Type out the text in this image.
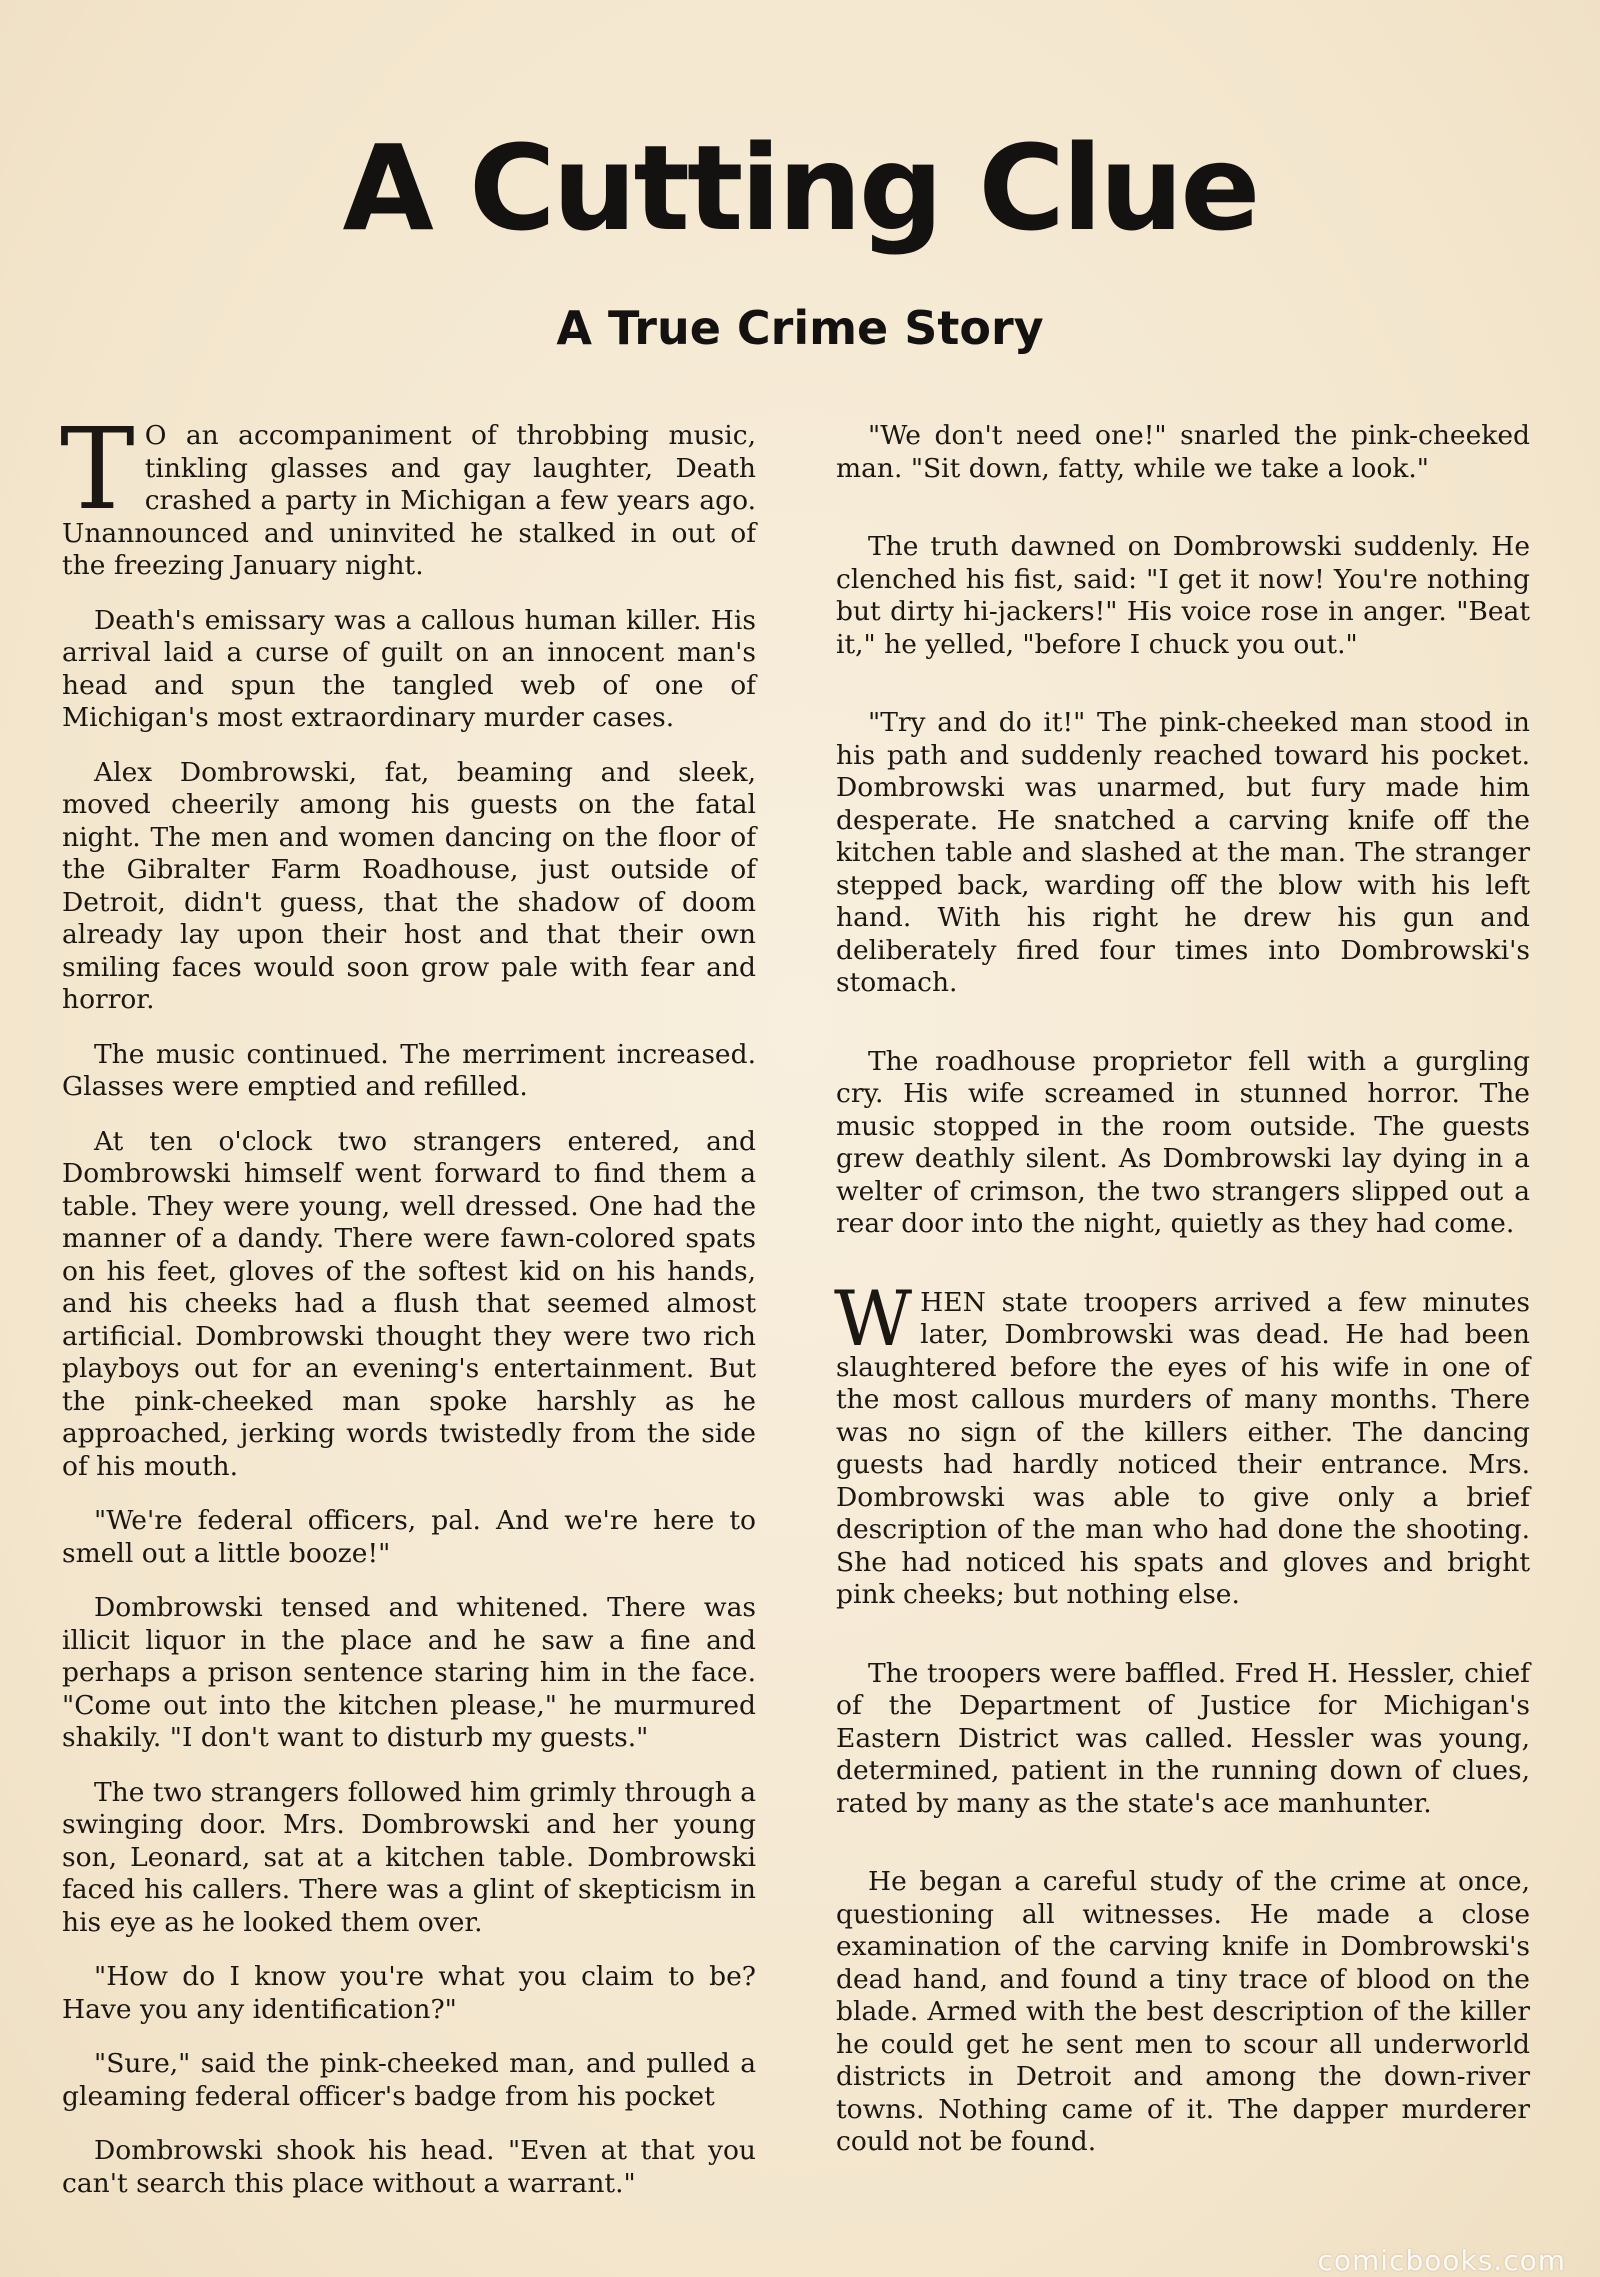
A Cutting Clue
A True Crime Story

T O an accompaniment of throbbing music, tinkling glasses and gay laughter, Death crashed a party in Michigan a few years ago. Unannounced and uninvited he stalked in out of the freezing January night.

Death's emissary was a callous human killer. His arrival laid a curse of guilt on an innocent man's head and spun the tangled web of one of Michigan's most extraordinary murder cases.

Alex Dombrowski, fat, beaming and sleek, moved cheerily among his guests on the fatal night. The men and women dancing on the floor of the Gibralter Farm Roadhouse, just outside of Detroit, didn't guess, that the shadow of doom already lay upon their host and that their own smiling faces would soon grow pale with fear and horror.

The music continued. The merriment increased. Glasses were emptied and refilled.

At ten o'clock two strangers entered, and Dombrowski himself went forward to find them a table. They were young, well dressed. One had the manner of a dandy. There were fawn-colored spats on his feet, gloves of the softest kid on his hands, and his cheeks had a flush that seemed almost artificial. Dombrowski thought they were two rich playboys out for an evening's entertainment. But the pink-cheeked man spoke harshly as he approached, jerking words twistedly from the side of his mouth.

"We're federal officers, pal. And we're here to smell out a little booze!"

Dombrowski tensed and whitened. There was illicit liquor in the place and he saw a fine and perhaps a prison sentence staring him in the face. "Come out into the kitchen please," he murmured shakily. "I don't want to disturb my guests."

The two strangers followed him grimly through a swinging door. Mrs. Dombrowski and her young son, Leonard, sat at a kitchen table. Dombrowski faced his callers. There was a glint of skepticism in his eye as he looked them over.

"How do I know you're what you claim to be? Have you any identification?"

"Sure," said the pink-cheeked man, and pulled a gleaming federal officer's badge from his pocket

Dombrowski shook his head. "Even at that you can't search this place without a warrant."

"We don't need one!" snarled the pink-cheeked man. "Sit down, fatty, while we take a look."

The truth dawned on Dombrowski suddenly. He clenched his fist, said: "I get it now! You're nothing but dirty hi-jackers!" His voice rose in anger. "Beat it," he yelled, "before I chuck you out."

"Try and do it!" The pink-cheeked man stood in his path and suddenly reached toward his pocket. Dombrowski was unarmed, but fury made him desperate. He snatched a carving knife off the kitchen table and slashed at the man. The stranger stepped back, warding off the blow with his left hand. With his right he drew his gun and deliberately fired four times into Dombrowski's stomach.

The roadhouse proprietor fell with a gurgling cry. His wife screamed in stunned horror. The music stopped in the room outside. The guests grew deathly silent. As Dombrowski lay dying in a welter of crimson, the two strangers slipped out a rear door into the night, quietly as they had come.

WHEN state troopers arrived a few minutes later, Dombrowski was dead. He had been slaughtered before the eyes of his wife in one of the most callous murders of many months. There was no sign of the killers either. The dancing guests had hardly noticed their entrance. Mrs. Dombrowski was able to give only a brief description of the man who had done the shooting. She had noticed his spats and gloves and bright pink cheeks; but nothing else.

The troopers were baffled. Fred H. Hessler, chief of the Department of Justice for Michigan's Eastern District was called. Hessler was young, determined, patient in the running down of clues, rated by many as the state's ace manhunter.

He began a careful study of the crime at once, questioning all witnesses. He made a close examination of the carving knife in Dombrowski's dead hand, and found a tiny trace of blood on the blade. Armed with the best description of the killer he could get he sent men to scour all underworld districts in Detroit and among the down-river towns. Nothing came of it. The dapper murderer could not be found.

comicbooks.com
